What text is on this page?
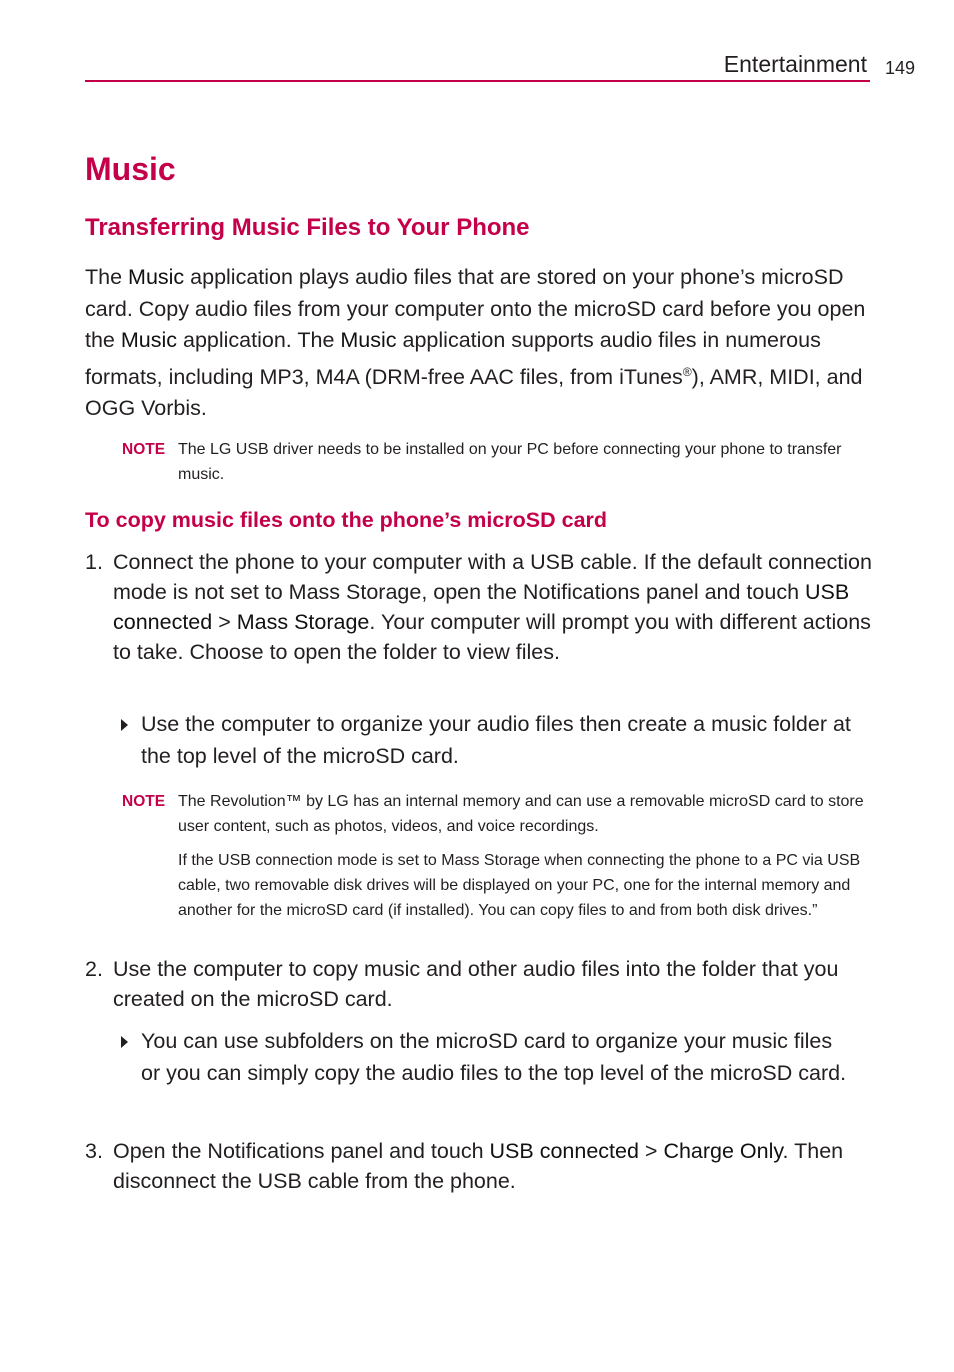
Entertainment 149
Music
Transferring Music Files to Your Phone

The Music application plays audio files that are stored on your phone’s microSD card. Copy audio files from your computer onto the microSD card before you open the Music application. The Music application supports audio files in numerous formats, including MP3, M4A (DRM-free AAC files, from iTunes®), AMR, MIDI, and OGG Vorbis.

NOTE The LG USB driver needs to be installed on your PC before connecting your phone to transfer music.

To copy music files onto the phone’s microSD card
1. Connect the phone to your computer with a USB cable. If the default connection mode is not set to Mass Storage, open the Notifications panel and touch USB connected > Mass Storage. Your computer will prompt you with different actions to take. Choose to open the folder to view files.

Use the computer to organize your audio files then create a music folder at the top level of the microSD card.

NOTE The Revolution™ by LG has an internal memory and can use a removable microSD card to store user content, such as photos, videos, and voice recordings.

If the USB connection mode is set to Mass Storage when connecting the phone to a PC via USB cable, two removable disk drives will be displayed on your PC, one for the internal memory and another for the microSD card (if installed). You can copy files to and from both disk drives.”

2. Use the computer to copy music and other audio files into the folder that you created on the microSD card.

You can use subfolders on the microSD card to organize your music files or you can simply copy the audio files to the top level of the microSD card.

3. Open the Notifications panel and touch USB connected > Charge Only. Then disconnect the USB cable from the phone.
